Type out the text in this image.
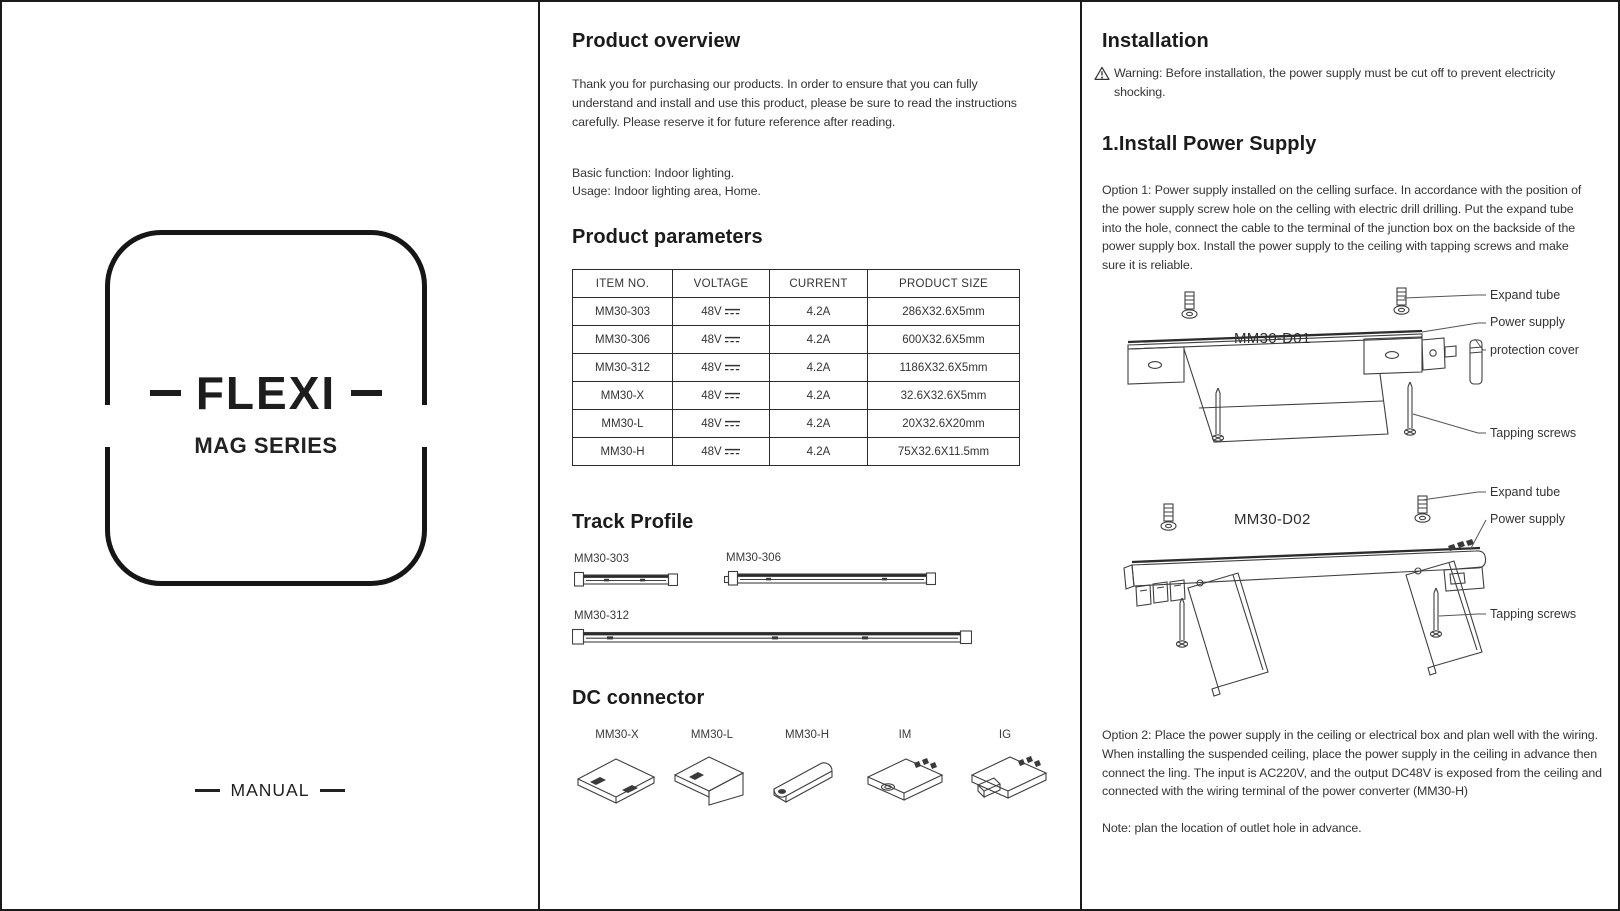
FLEXI
MAG SERIES
MANUAL
Product overview

Thank you for purchasing our products. In order to ensure that you can fully understand and install and use this product, please be sure to read the instructions carefully. Please reserve it for future reference after reading.

Basic function: Indoor lighting.

Usage: Indoor lighting area, Home.

Product parameters
ITEM NO.	VOLTAGE	CURRENT	PRODUCT SIZE
MM30-303	48V	4.2A	286X32.6X5mm
MM30-306	48V	4.2A	600X32.6X5mm
MM30-312	48V	4.2A	1186X32.6X5mm
MM30-X	48V	4.2A	32.6X32.6X5mm
MM30-L	48V	4.2A	20X32.6X20mm
MM30-H	48V	4.2A	75X32.6X11.5mm
Track Profile
MM30-303	MM30-306
MM30-312
DC connector
MM30-X	MM30-L	MM30-H	IM	IG
Installation
Warning: Before installation, the power supply must be cut off to prevent electricity shocking.
1.Install Power Supply

Option 1: Power supply installed on the celling surface. In accordance with the position of the power supply screw hole on the celling with electric drill drilling. Put the expand tube into the hole, connect the cable to the terminal of the junction box on the backside of the power supply box. Install the power supply to the ceiling with tapping screws and make sure it is reliable.

MM30-D01
Expand tube
Power supply
protection cover
Tapping screws
MM30-D02
Expand tube
Power supply
Tapping screws

Option 2: Place the power supply in the ceiling or electrical box and plan well with the wiring. When installing the suspended ceiling, place the power supply in the ceiling in advance then connect the ling. The input is AC220V, and the output DC48V is exposed from the ceiling and connected with the wiring terminal of the power converter (MM30-H)

Note: plan the location of outlet hole in advance.
